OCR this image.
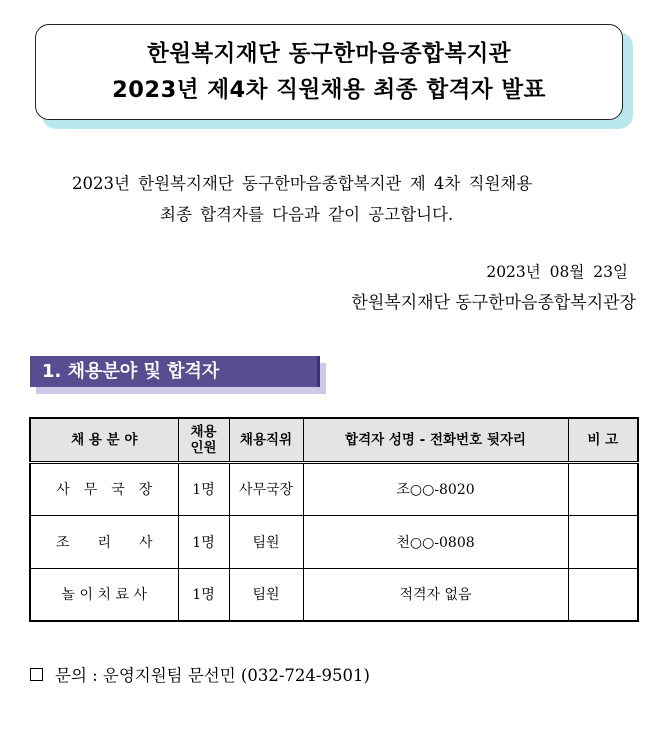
한원복지재단 동구한마음종합복지관
2023년 제4차 직원채용 최종 합격자 발표
2023년 한원복지재단 동구한마음종합복지관 제 4차 직원채용
최종 합격자를 다음과 같이 공고합니다.
2023년 08월 23일
한원복지재단 동구한마음종합복지관장
1. 채용분야 및 합격자
채 용 분 야	채용인원	채용직위	합격자 성명 - 전화번호 뒷자리	비 고
사　무　국　장	1명	사무국장	조○○-8020	
조　　리　　사	1명	팀원	천○○-0808	
놀 이 치 료 사	1명	팀원	적격자 없음	
문의 : 운영지원팀 문선민 (032-724-9501)
